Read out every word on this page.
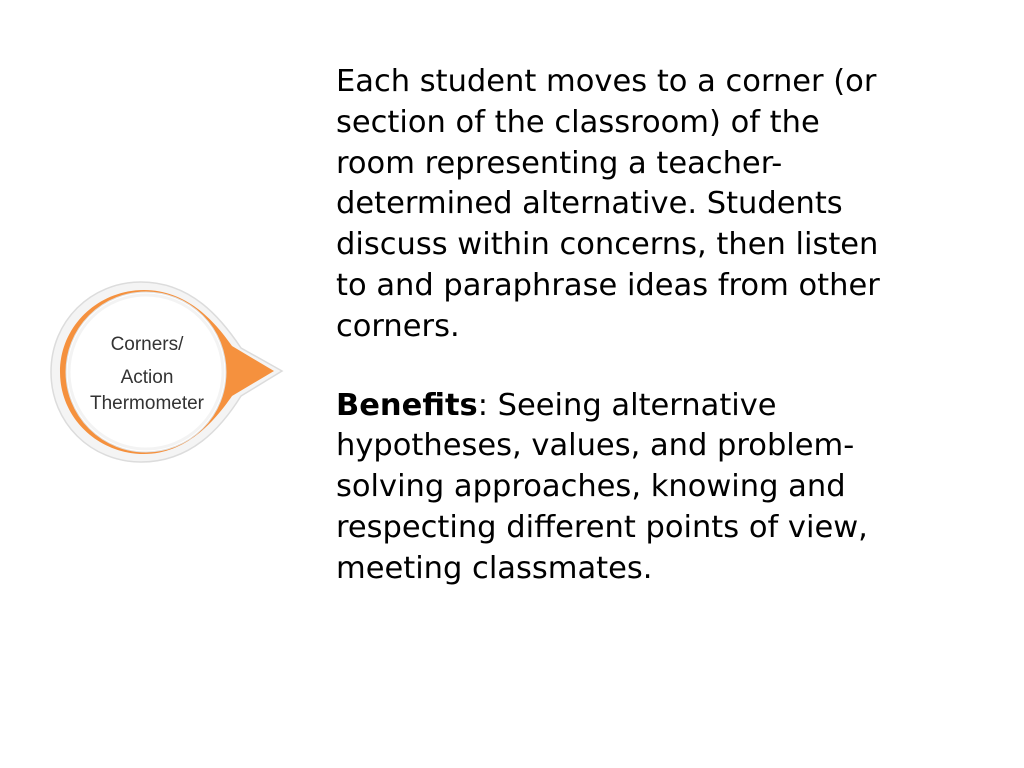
Corners/
Action
Thermometer
Each student moves to a corner (or
section of the classroom) of the
room representing a teacher-
determined alternative. Students
discuss within concerns, then listen
to and paraphrase ideas from other
corners.
Benefits: Seeing alternative
hypotheses, values, and problem-
solving approaches, knowing and
respecting different points of view,
meeting classmates.
